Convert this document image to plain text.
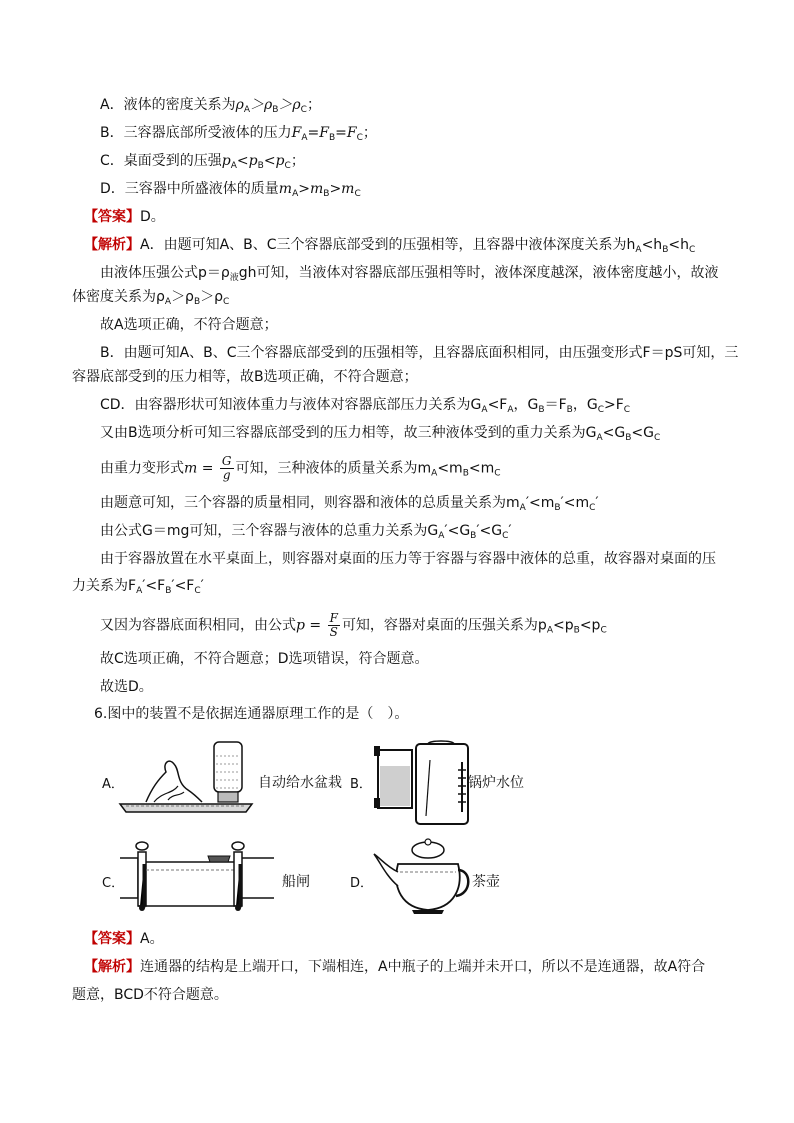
A．液体的密度关系为$\rho_A>\rho_B>\rho_C$；
B．三容器底部所受液体的压力$F_A=F_B=F_C$；
C．桌面受到的压强$p_A<p_B<p_C$；
D．三容器中所盛液体的质量$m_A>m_B>m_C$
【答案】D。
【解析】A．由题可知A、B、C三个容器底部受到的压强相等，且容器中液体深度关系为$h_A<h_B<h_C$
由液体压强公式$p=\rho_液gh$可知，当液体对容器底部压强相等时，液体深度越深，液体密度越小，故液
体密度关系为$\rho_A>\rho_B>\rho_C$
故A选项正确，不符合题意；
B．由题可知A、B、C三个容器底部受到的压强相等，且容器底面积相同，由压强变形式F＝pS可知，三
容器底部受到的压力相等，故B选项正确，不符合题意；
CD．由容器形状可知液体重力与液体对容器底部压力关系为$G_A<F_A$，$G_B=F_B$，$G_C>F_C$
又由B选项分析可知三容器底部受到的压力相等，故三种液体受到的重力关系为$G_A<G_B<G_C$
由重力变形式$m = \frac{G}{g}$ 可知，三种液体的质量关系为$m_A<m_B<m_C$
由题意可知，三个容器的质量相同，则容器和液体的总质量关系为$m_A'<m_B'<m_C'$
由公式G＝mg可知，三个容器与液体的总重力关系为$G_A'<G_B'<G_C'$
由于容器放置在水平桌面上，则容器对桌面的压力等于容器与容器中液体的总重，故容器对桌面的压
力关系为$F_A'<F_B'<F_C'$
又因为容器底面积相同，由公式$p = \frac{F}{S}$ 可知，容器对桌面的压强关系为$p_A<p_B<p_C$
故C选项正确，不符合题意；D选项错误，符合题意。
故选D。
6.图中的装置不是依据连通器原理工作的是（　）。
A．	自动给水盆栽 B．	锅炉水位
C．	船闸	D．	茶壶
【答案】A。
【解析】连通器的结构是上端开口，下端相连，A中瓶子的上端并未开口，所以不是连通器，故A符合
题意，BCD不符合题意。
